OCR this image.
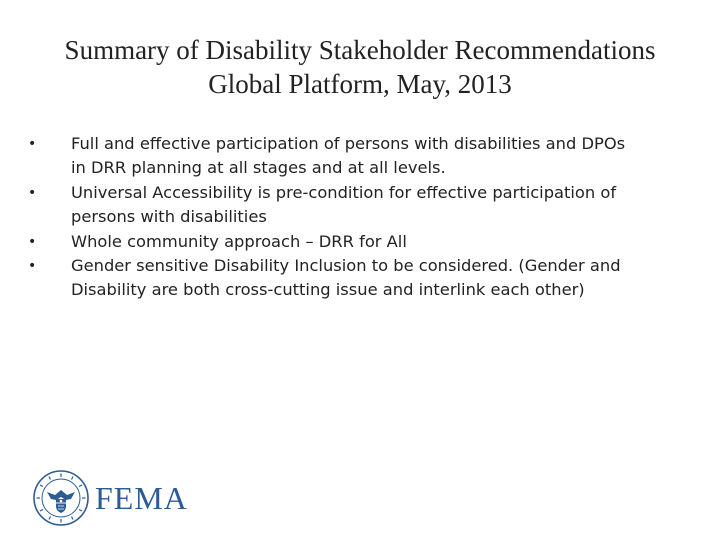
Summary of Disability Stakeholder Recommendations
Global Platform, May, 2013
•	Full and effective participation of persons with disabilities and DPOs
in DRR planning at all stages and at all levels.
•	Universal Accessibility is pre-condition for effective participation of
persons with disabilities
•	Whole community approach – DRR for All
•	Gender sensitive Disability Inclusion to be considered. (Gender and
Disability are both cross-cutting issue and interlink each other)
FEMA
